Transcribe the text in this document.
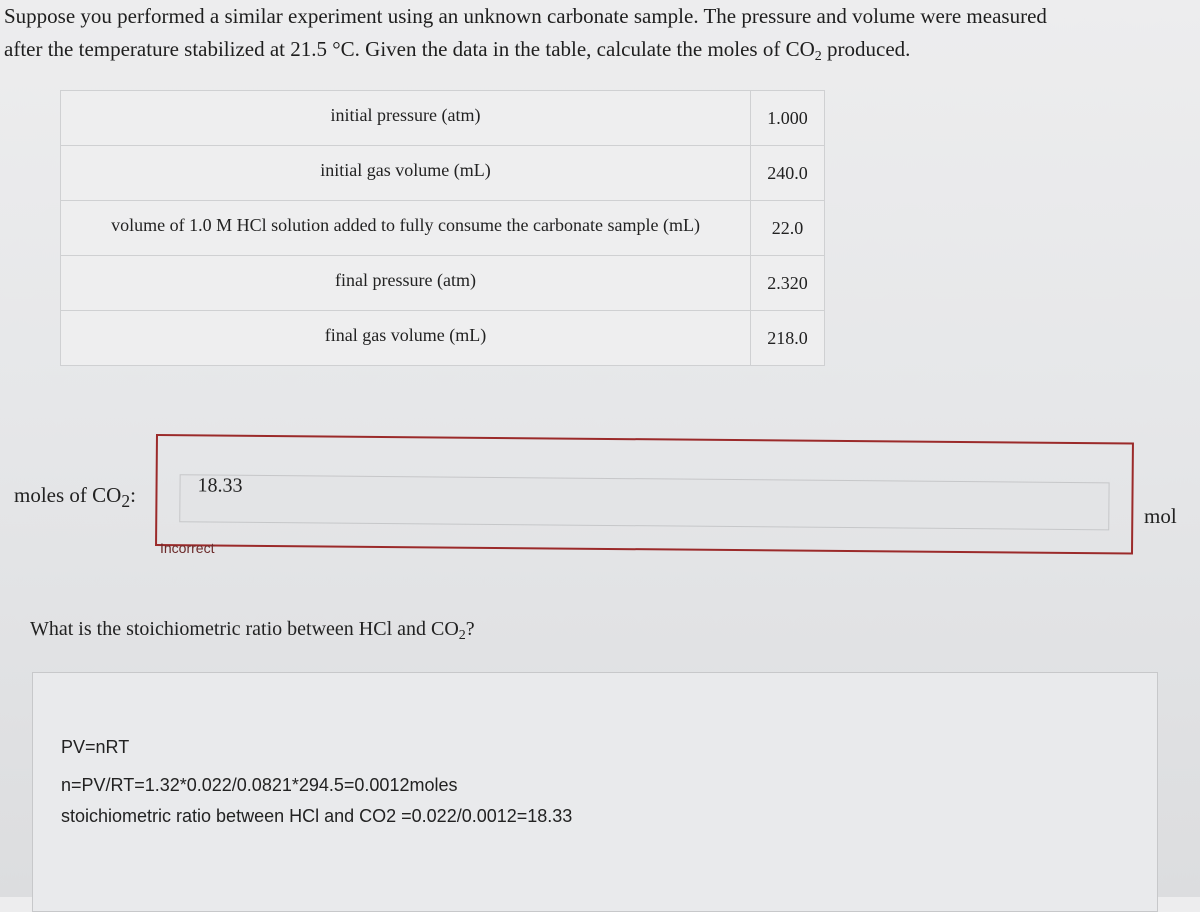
Suppose you performed a similar experiment using an unknown carbonate sample. The pressure and volume were measured
after the temperature stabilized at 21.5 °C. Given the data in the table, calculate the moles of $CO_2$ produced.
initial pressure (atm)	1.000
initial gas volume (mL)	240.0
volume of 1.0 M HCl solution added to fully consume the carbonate sample (mL)	22.0
final pressure (atm)	2.320
final gas volume (mL)	218.0
moles of $CO_2$:	18.33
mol
Incorrect
What is the stoichiometric ratio between HCl and $CO_2$?
PV=nRT
n=PV/RT=1.32*0.022/0.0821*294.5=0.0012moles
stoichiometric ratio between HCl and CO2 =0.022/0.0012=18.33
